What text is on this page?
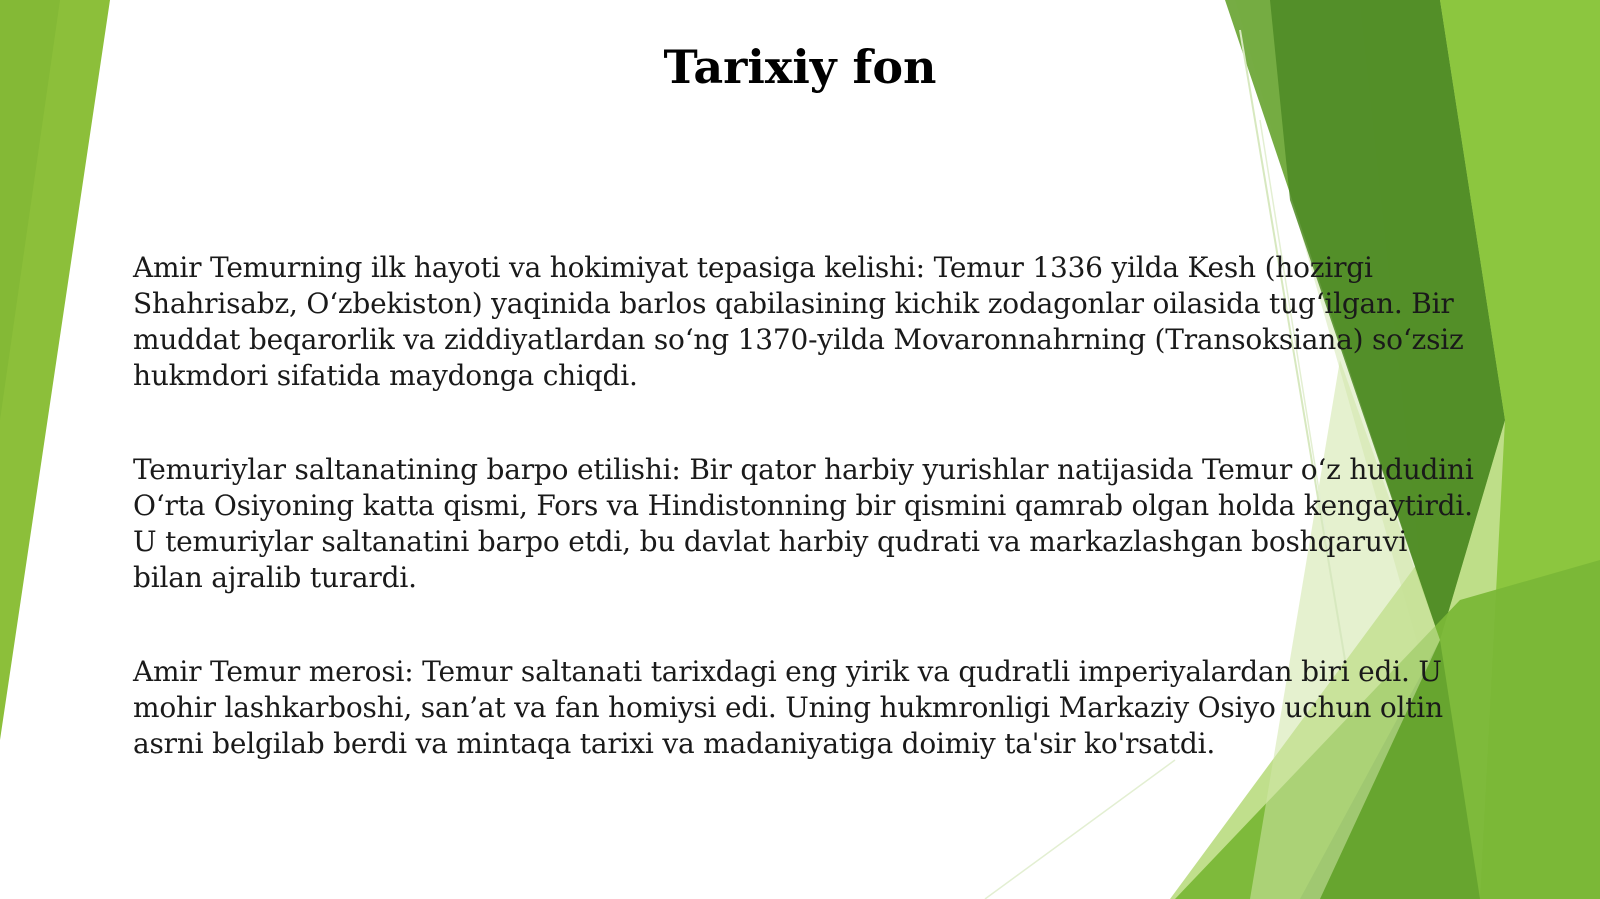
Tarixiy fon

Amir Temurning ilk hayoti va hokimiyat tepasiga kelishi: Temur 1336 yilda Kesh (hozirgi Shahrisabz, O‘zbekiston) yaqinida barlos qabilasining kichik zodagonlar oilasida tug‘ilgan. Bir muddat beqarorlik va ziddiyatlardan so‘ng 1370-yilda Movaronnahrning (Transoksiana) so‘zsiz hukmdori sifatida maydonga chiqdi.

Temuriylar saltanatining barpo etilishi: Bir qator harbiy yurishlar natijasida Temur o‘z hududini O‘rta Osiyoning katta qismi, Fors va Hindistonning bir qismini qamrab olgan holda kengaytirdi. U temuriylar saltanatini barpo etdi, bu davlat harbiy qudrati va markazlashgan boshqaruvi bilan ajralib turardi.

Amir Temur merosi: Temur saltanati tarixdagi eng yirik va qudratli imperiyalardan biri edi. U mohir lashkarboshi, san’at va fan homiysi edi. Uning hukmronligi Markaziy Osiyo uchun oltin asrni belgilab berdi va mintaqa tarixi va madaniyatiga doimiy ta'sir ko'rsatdi.
